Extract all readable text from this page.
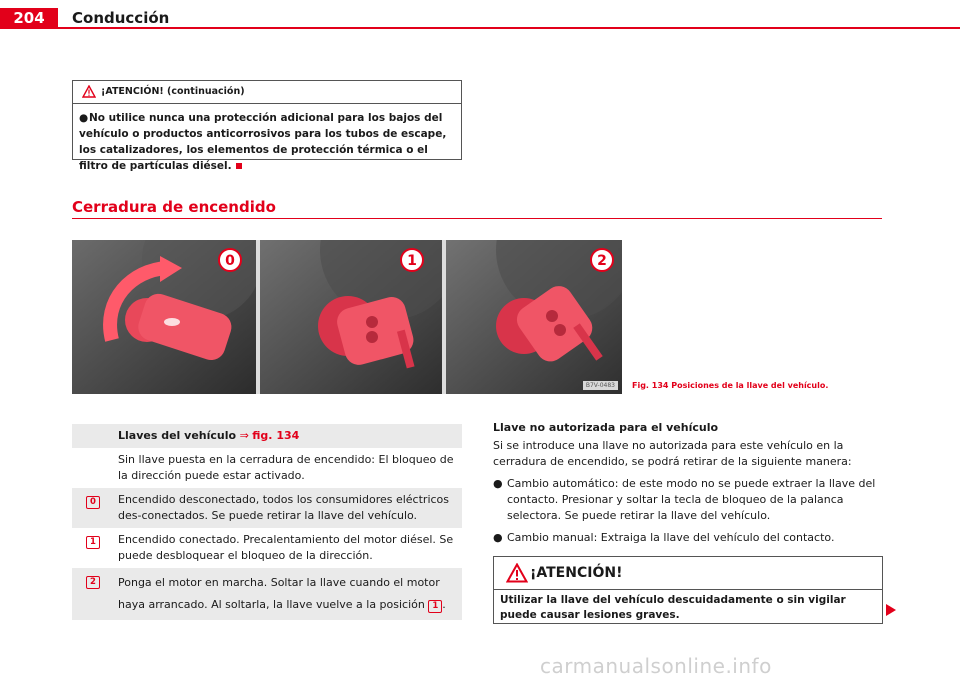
204	Conducción
¡ATENCIÓN! (continuación)
●No utilice nunca una protección adicional para los bajos del vehículo o productos anticorrosivos para los tubos de escape, los catalizadores, los elementos de protección térmica o el filtro de partículas diésel.
Cerradura de encendido
0	1	2
B7V-0483	Fig. 134 Posiciones de la llave del vehículo.
Llaves del vehículo ⇒ fig. 134
Sin llave puesta en la cerradura de encendido: El bloqueo de la dirección puede estar activado.
0	Encendido desconectado, todos los consumidores eléctricos des-conectados. Se puede retirar la llave del vehículo.
1	Encendido conectado. Precalentamiento del motor diésel. Se puede desbloquear el bloqueo de la dirección.
2	Ponga el motor en marcha. Soltar la llave cuando el motor haya arrancado. Al soltarla, la llave vuelve a la posición 1 .

Llave no autorizada para el vehículo

Si se introduce una llave no autorizada para este vehículo en la cerradura de encendido, se podrá retirar de la siguiente manera:

● Cambio automático: de este modo no se puede extraer la llave del contacto. Presionar y soltar la tecla de bloqueo de la palanca selectora. Se puede retirar la llave del vehículo.
● Cambio manual: Extraiga la llave del vehículo del contacto.
¡ATENCIÓN!
Utilizar la llave del vehículo descuidadamente o sin vigilar puede causar lesiones graves.
carmanualsonline.info
